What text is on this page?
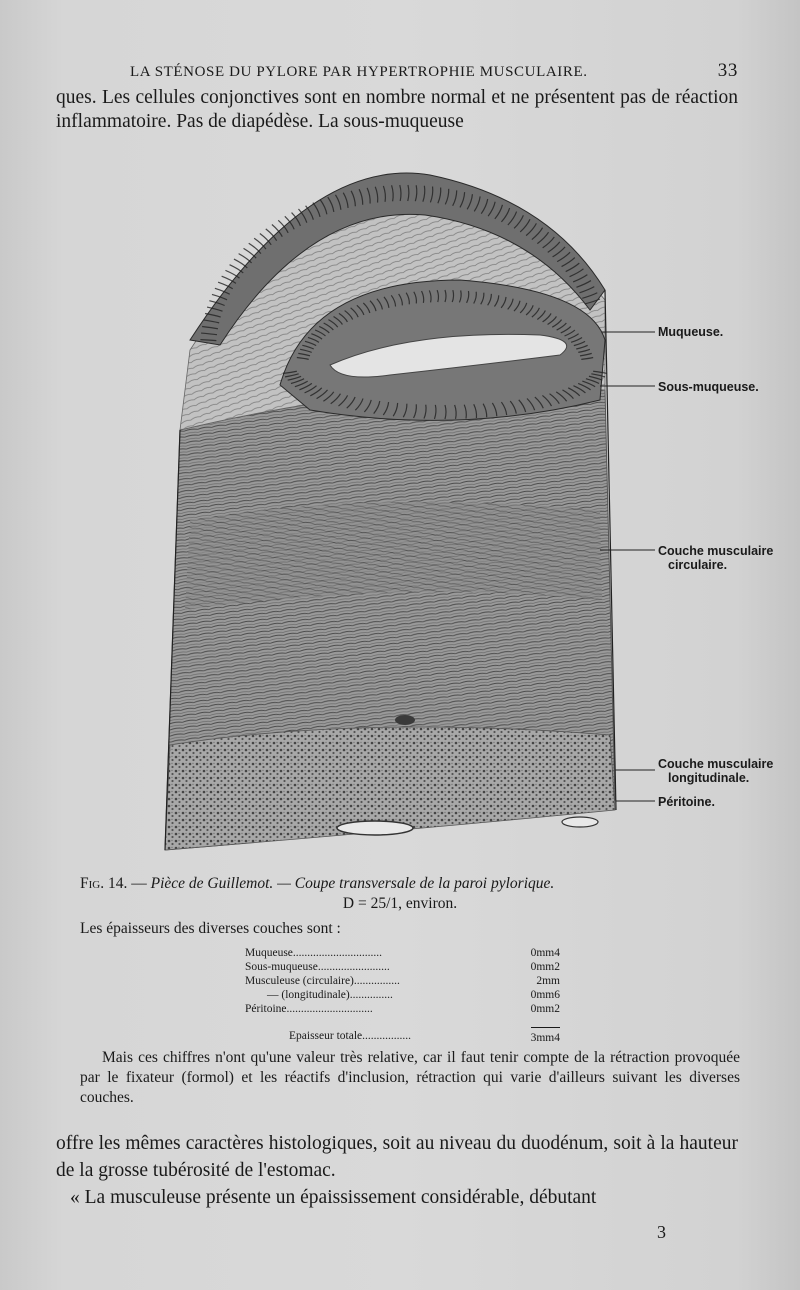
LA STÉNOSE DU PYLORE PAR HYPERTROPHIE MUSCULAIRE.	33
ques. Les cellules conjonctives sont en nombre normal et ne présentent pas de réaction inflammatoire. Pas de diapédèse. La sous-muqueuse
Muqueuse.
Sous-muqueuse.
Couche musculaire
circulaire.
Couche musculaire
longitudinale.
Péritoine.
Fig. 14. — Pièce de Guillemot. — Coupe transversale de la paroi pylorique.
D = 25/1, environ.
Les épaisseurs des diverses couches sont :
Muqueuse...............................	0mm4
Sous-muqueuse.........................	0mm2
Musculeuse (circulaire)................	2mm
— (longitudinale)...............	0mm6
Péritoine..............................	0mm2
Epaisseur totale.................	3mm4
Mais ces chiffres n'ont qu'une valeur très relative, car il faut tenir compte de la rétraction provoquée par le fixateur (formol) et les réactifs d'inclusion, rétraction qui varie d'ailleurs suivant les diverses couches.
offre les mêmes caractères histologiques, soit au niveau du duodénum, soit à la hauteur de la grosse tubérosité de l'estomac.
« La musculeuse présente un épaississement considérable, débutant
3
